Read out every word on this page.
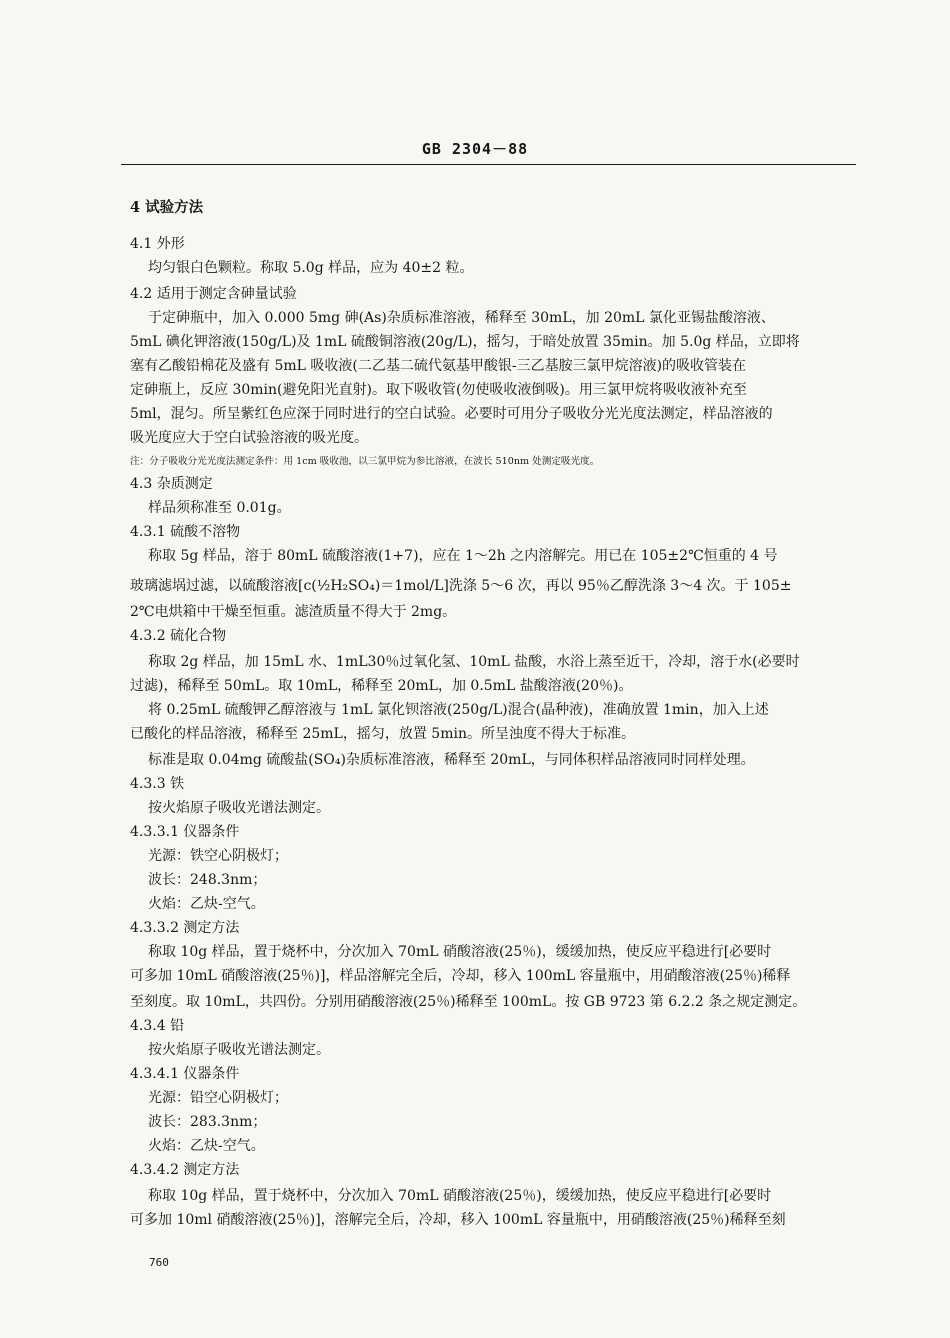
GB 2304－88
4 试验方法
4.1 外形
均匀银白色颗粒。称取 5.0g 样品，应为 40±2 粒。
4.2 适用于测定含砷量试验
于定砷瓶中，加入 0.000 5mg 砷(As)杂质标准溶液，稀释至 30mL，加 20mL 氯化亚锡盐酸溶液、
5mL 碘化钾溶液(150g/L)及 1mL 硫酸铜溶液(20g/L)，摇匀，于暗处放置 35min。加 5.0g 样品，立即将
塞有乙酸铅棉花及盛有 5mL 吸收液(二乙基二硫代氨基甲酸银-三乙基胺三氯甲烷溶液)的吸收管装在
定砷瓶上，反应 30min(避免阳光直射)。取下吸收管(勿使吸收液倒吸)。用三氯甲烷将吸收液补充至
5ml，混匀。所呈紫红色应深于同时进行的空白试验。必要时可用分子吸收分光光度法测定，样品溶液的
吸光度应大于空白试验溶液的吸光度。
注：分子吸收分光光度法测定条件：用 1cm 吸收池，以三氯甲烷为参比溶液，在波长 510nm 处测定吸光度。
4.3 杂质测定
样品须称准至 0.01g。
4.3.1 硫酸不溶物
称取 5g 样品，溶于 80mL 硫酸溶液(1+7)，应在 1～2h 之内溶解完。用已在 105±2℃恒重的 4 号
玻璃滤埚过滤，以硫酸溶液[c(½H₂SO₄)＝1mol/L]洗涤 5～6 次，再以 95％乙醇洗涤 3～4 次。于 105±
2℃电烘箱中干燥至恒重。滤渣质量不得大于 2mg。
4.3.2 硫化合物
称取 2g 样品，加 15mL 水、1mL30％过氧化氢、10mL 盐酸，水浴上蒸至近干，冷却，溶于水(必要时
过滤)，稀释至 50mL。取 10mL，稀释至 20mL，加 0.5mL 盐酸溶液(20％)。
将 0.25mL 硫酸钾乙醇溶液与 1mL 氯化钡溶液(250g/L)混合(晶种液)，准确放置 1min，加入上述
已酸化的样品溶液，稀释至 25mL，摇匀，放置 5min。所呈浊度不得大于标准。
标准是取 0.04mg 硫酸盐(SO₄)杂质标准溶液，稀释至 20mL，与同体积样品溶液同时同样处理。
4.3.3 铁
按火焰原子吸收光谱法测定。
4.3.3.1 仪器条件
光源：铁空心阴极灯；
波长：248.3nm；
火焰：乙炔-空气。
4.3.3.2 测定方法
称取 10g 样品，置于烧杯中，分次加入 70mL 硝酸溶液(25％)，缓缓加热，使反应平稳进行[必要时
可多加 10mL 硝酸溶液(25％)]，样品溶解完全后，冷却，移入 100mL 容量瓶中，用硝酸溶液(25％)稀释
至刻度。取 10mL，共四份。分别用硝酸溶液(25％)稀释至 100mL。按 GB 9723 第 6.2.2 条之规定测定。
4.3.4 铅
按火焰原子吸收光谱法测定。
4.3.4.1 仪器条件
光源：铅空心阴极灯；
波长：283.3nm；
火焰：乙炔-空气。
4.3.4.2 测定方法
称取 10g 样品，置于烧杯中，分次加入 70mL 硝酸溶液(25％)，缓缓加热，使反应平稳进行[必要时
可多加 10ml 硝酸溶液(25％)]，溶解完全后，冷却，移入 100mL 容量瓶中，用硝酸溶液(25％)稀释至刻
760
